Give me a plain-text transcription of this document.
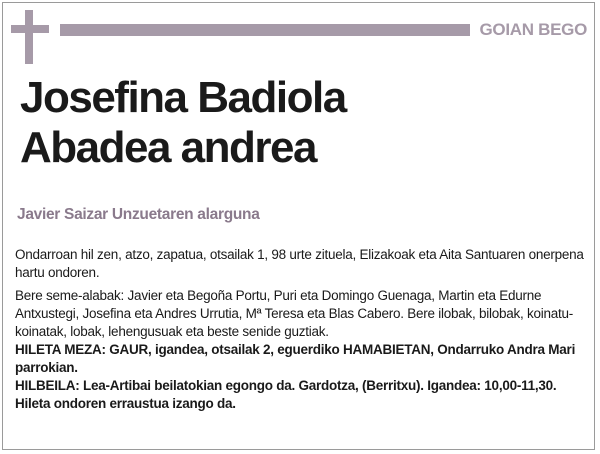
GOIAN BEGO
Josefina Badiola
Abadea andrea
Javier Saizar Unzuetaren alarguna

Ondarroan hil zen, atzo, zapatua, otsailak 1, 98 urte zituela, Elizakoak eta Aita Santuaren onerpena hartu ondoren.

Bere seme-alabak: Javier eta Begoña Portu, Puri eta Domingo Guenaga, Martin eta Edurne Antxustegi, Josefina eta Andres Urrutia, Mª Teresa eta Blas Cabero. Bere ilobak, bilobak, koinatu-koinatak, lobak, lehengusuak eta beste senide guztiak.

HILETA MEZA: GAUR, igandea, otsailak 2, eguerdiko HAMABIETAN, Ondarruko Andra Mari parrokian.

HILBEILA: Lea-Artibai beilatokian egongo da. Gardotza, (Berritxu). Igandea: 10,00-11,30. Hileta ondoren erraustua izango da.
